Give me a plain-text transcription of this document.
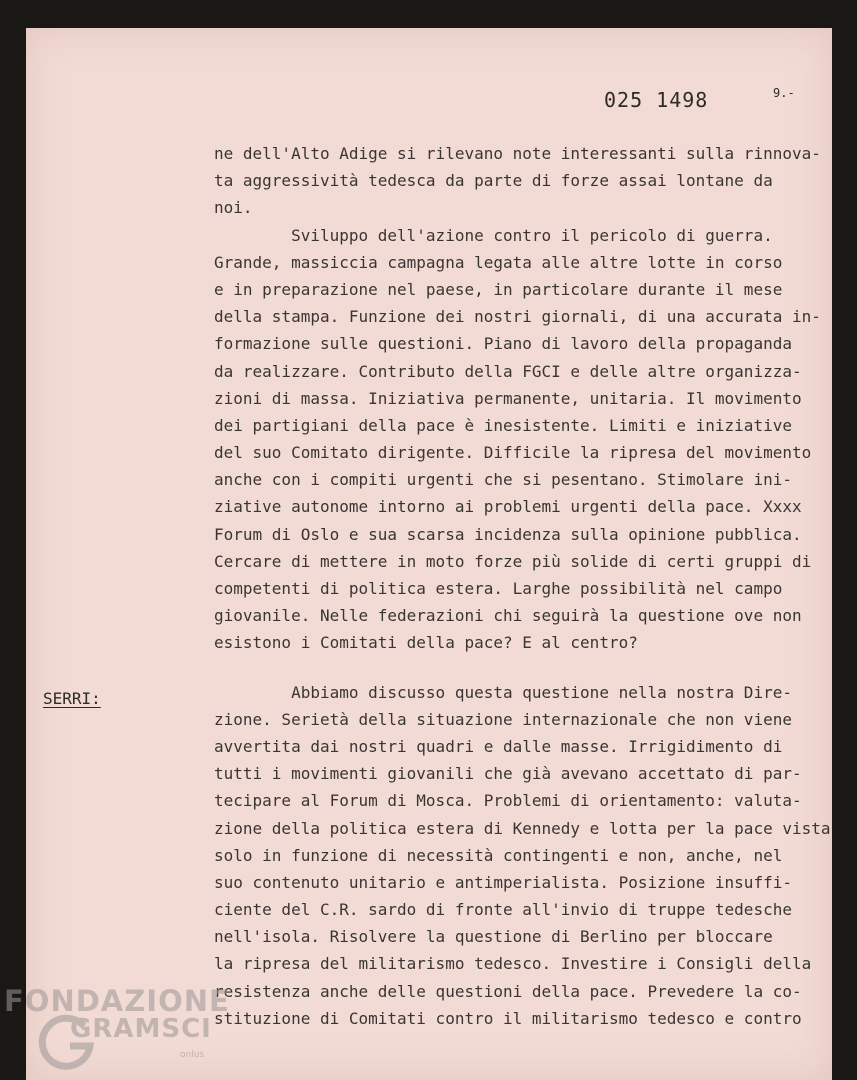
025 1498	9.-

ne dell'Alto Adige si rilevano note interessanti sulla rinnova-

ta aggressività tedesca da parte di forze assai lontane da

noi.

Sviluppo dell'azione contro il pericolo di guerra.

Grande, massiccia campagna legata alle altre lotte in corso

e in preparazione nel paese, in particolare durante il mese

della stampa. Funzione dei nostri giornali, di una accurata in-

formazione sulle questioni. Piano di lavoro della propaganda

da realizzare. Contributo della FGCI e delle altre organizza-

zioni di massa. Iniziativa permanente, unitaria. Il movimento

dei partigiani della pace è inesistente. Limiti e iniziative

del suo Comitato dirigente. Difficile la ripresa del movimento

anche con i compiti urgenti che si pesentano. Stimolare ini-

ziative autonome intorno ai problemi urgenti della pace. Xxxx

Forum di Oslo e sua scarsa incidenza sulla opinione pubblica.

Cercare di mettere in moto forze più solide di certi gruppi di

competenti di politica estera. Larghe possibilità nel campo

giovanile. Nelle federazioni chi seguirà la questione ove non

esistono i Comitati della pace? E al centro?

Abbiamo discusso questa questione nella nostra Dire-

zione. Serietà della situazione internazionale che non viene

avvertita dai nostri quadri e dalle masse. Irrigidimento di

tutti i movimenti giovanili che già avevano accettato di par-

tecipare al Forum di Mosca. Problemi di orientamento: valuta-

zione della politica estera di Kennedy e lotta per la pace vista

solo in funzione di necessità contingenti e non, anche, nel

suo contenuto unitario e antimperialista. Posizione insuffi-

ciente del C.R. sardo di fronte all'invio di truppe tedesche

nell'isola. Risolvere la questione di Berlino per bloccare

la ripresa del militarismo tedesco. Investire i Consigli della

resistenza anche delle questioni della pace. Prevedere la co-

stituzione di Comitati contro il militarismo tedesco e contro

SERRI:

FONDAZIONE

GRAMSCI

onlus
